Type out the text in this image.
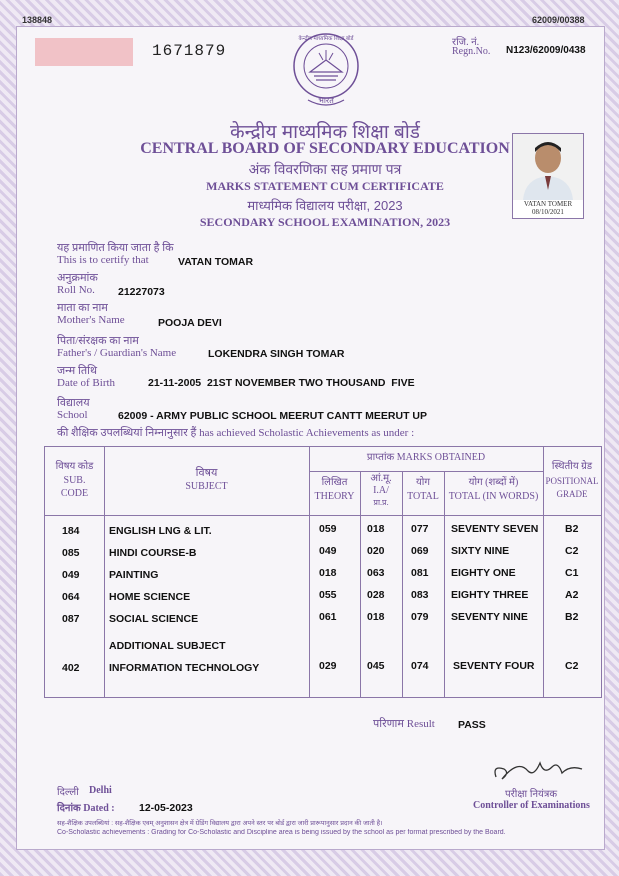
138848	62009/00388
1671879	रजि. नं.
Regn.No. N123/62009/0438
केन्द्रीय माध्यमिक शिक्षा बोर्ड
भारत
केन्द्रीय माध्यमिक शिक्षा बोर्ड
CENTRAL BOARD OF SECONDARY EDUCATION
अंक विवरणिका सह प्रमाण पत्र
MARKS STATEMENT CUM CERTIFICATE
माध्यमिक विद्यालय परीक्षा, 2023
SECONDARY SCHOOL EXAMINATION, 2023
VATAN TOMER
08/10/2021
यह प्रमाणित किया जाता है कि
This is to certify that	VATAN TOMAR
अनुक्रमांक
Roll No. 21227073
माता का नाम
Mother's Name	POOJA DEVI
पिता/संरक्षक का नाम
Father's / Guardian's Name	LOKENDRA SINGH TOMAR
जन्म तिथि
Date of Birth	21-11-2005  21ST NOVEMBER TWO THOUSAND  FIVE
विद्यालय
School	62009 - ARMY PUBLIC SCHOOL MEERUT CANTT MEERUT UP
की शैक्षिक उपलब्धियां निम्नानुसार हैं has achieved Scholastic Achievements as under :
विषय कोड
SUB.
CODE
विषय
SUBJECT
प्राप्तांक MARKS OBTAINED
लिखित
THEORY
आं.मू.
I.A/
प्रा.प्र.
योग
TOTAL
योग (शब्दों में)
TOTAL (IN WORDS)
स्थितीय ग्रेड
POSITIONAL
GRADE
184	ENGLISH LNG & LIT.	059	018	077 SEVENTY SEVEN	B2
085	HINDI COURSE-B	049	020	069 SIXTY NINE	C2
049	PAINTING	018	063	081 EIGHTY ONE	C1
064	HOME SCIENCE	055	028	083 EIGHTY THREE	A2
087	SOCIAL SCIENCE	061	018	079 SEVENTY NINE	B2
ADDITIONAL SUBJECT
402	INFORMATION TECHNOLOGY	029	045	074 SEVENTY FOUR	C2
परिणाम Result PASS
परीक्षा नियंत्रक
Controller of Examinations
दिल्ली Delhi
दिनांक Dated : 12-05-2023
सह-शैक्षिक उपलब्धियां : सह-शैक्षिक एवम् अनुशासन क्षेत्र में ग्रेडिंग विद्यालय द्वारा अपने स्तर पर बोर्ड द्वारा जारी प्रारूपानुसार प्रदान की जाती है।
Co-Scholastic achievements : Grading for Co-Scholastic and Discipline area is being issued by the school as per format prescribed by the Board.
